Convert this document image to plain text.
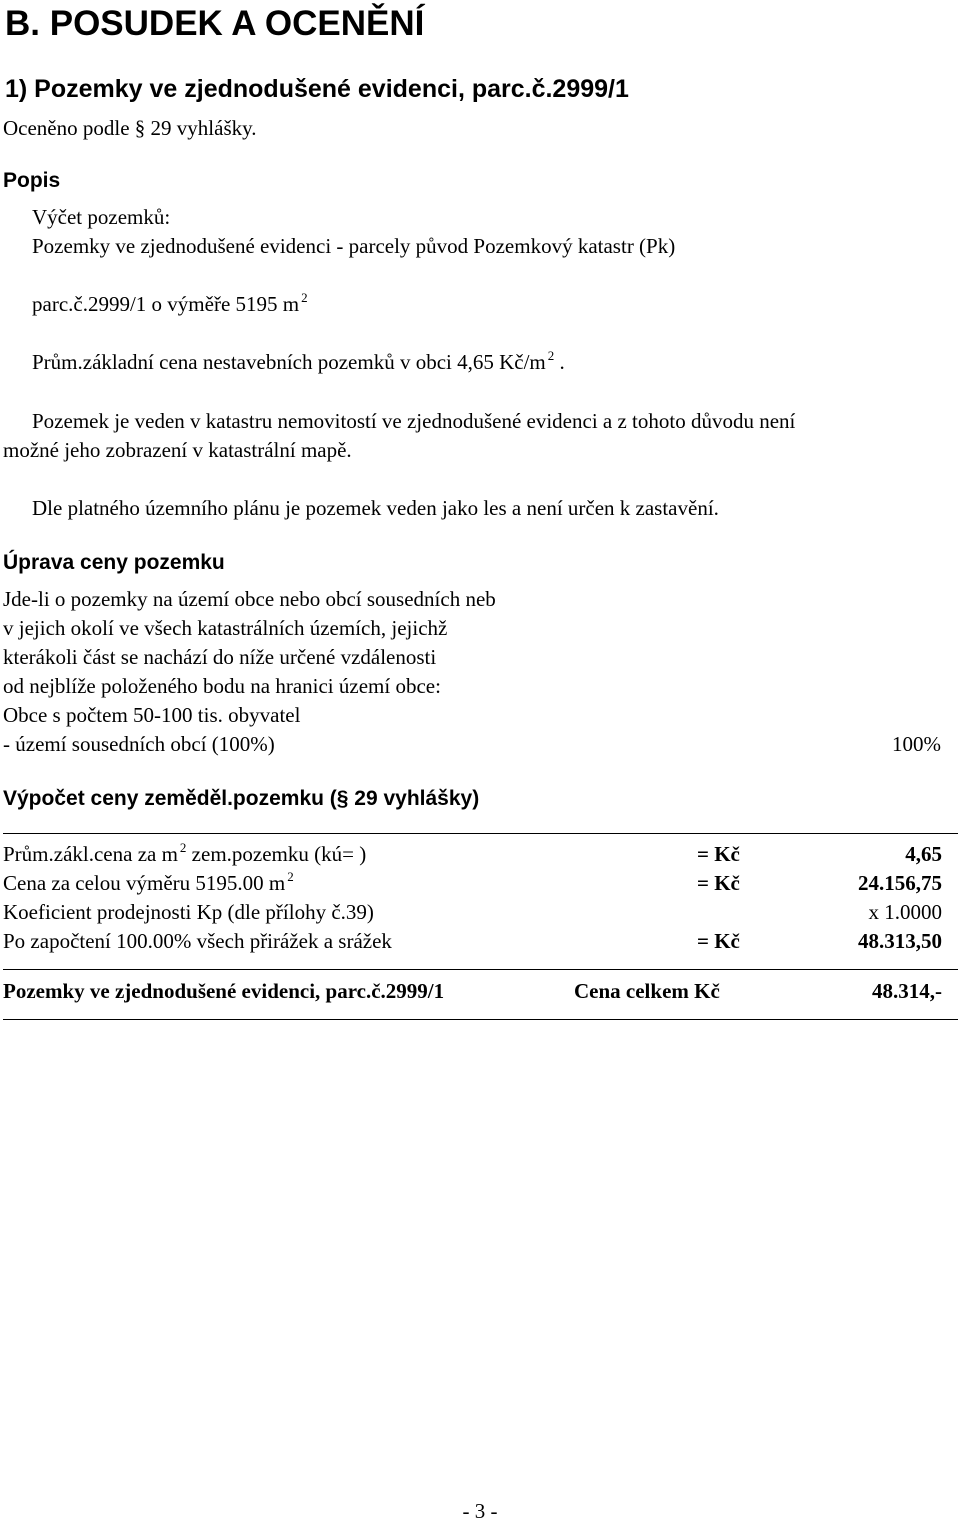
B. POSUDEK A OCENĚNÍ
1) Pozemky ve zjednodušené evidenci, parc.č.2999/1
Oceněno podle § 29 vyhlášky.
Popis
Výčet pozemků:
Pozemky ve zjednodušené evidenci - parcely původ Pozemkový katastr (Pk)
parc.č.2999/1 o výměře 5195 m $^2$
Prům.základní cena nestavebních pozemků v obci 4,65 Kč/m $^2$ .
Pozemek je veden v katastru nemovitostí ve zjednodušené evidenci a z tohoto důvodu není
možné jeho zobrazení v katastrální mapě.
Dle platného územního plánu je pozemek veden jako les a není určen k zastavění.
Úprava ceny pozemku
Jde-li o pozemky na území obce nebo obcí sousedních neb
v jejich okolí ve všech katastrálních územích, jejichž
kterákoli část se nachází do níže určené vzdálenosti
od nejblíže položeného bodu na hranici území obce:
Obce s počtem 50-100 tis. obyvatel
- území sousedních obcí (100%)	100%
Výpočet ceny zeměděl.pozemku (§ 29 vyhlášky)
Prům.zákl.cena za m $^2$ zem.pozemku (kú= )	= Kč	4,65
Cena za celou výměru 5195.00 m $^2$	= Kč	24.156,75
Koeficient prodejnosti Kp (dle přílohy č.39)	x 1.0000
Po započtení 100.00% všech přirážek a srážek	= Kč	48.313,50
Pozemky ve zjednodušené evidenci, parc.č.2999/1	Cena celkem Kč	48.314,-
- 3 -
